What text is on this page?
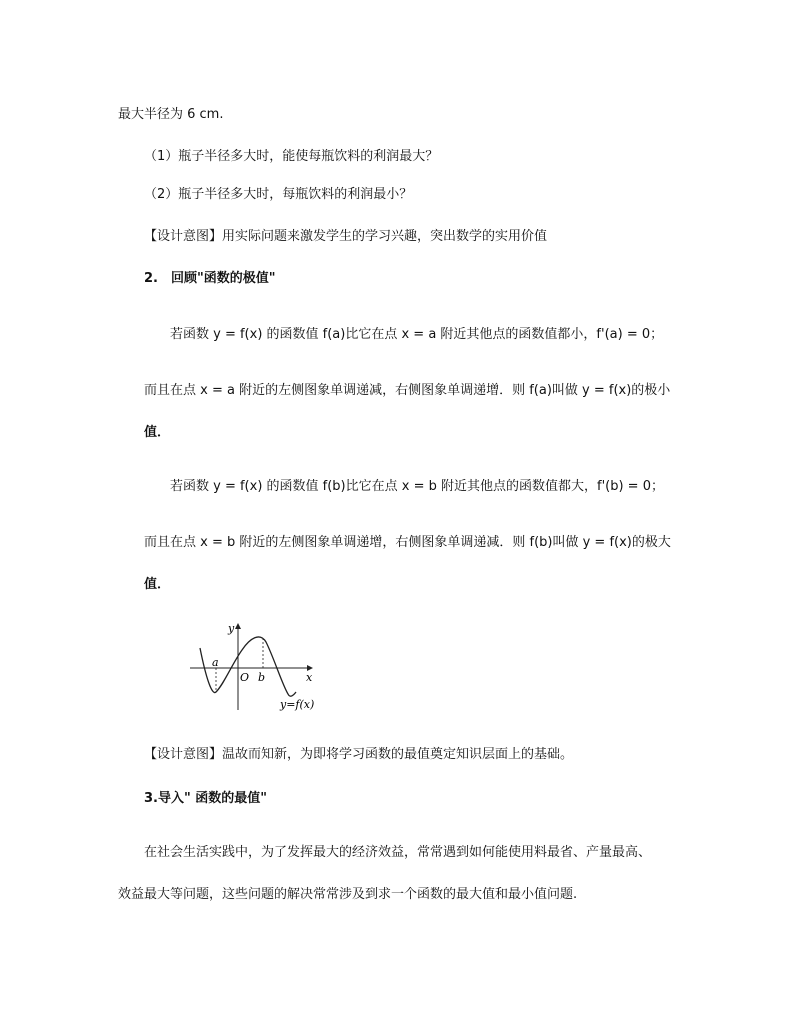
最大半径为 6 cm.
（1）瓶子半径多大时，能使每瓶饮料的利润最大？
（2）瓶子半径多大时，每瓶饮料的利润最小？
【设计意图】用实际问题来激发学生的学习兴趣，突出数学的实用价值
2.　回顾"函数的极值"
若函数 y = f(x) 的函数值 f(a)比它在点 x = a 附近其他点的函数值都小，f'(a) = 0；
而且在点 x = a 附近的左侧图象单调递减，右侧图象单调递增．则 f(a)叫做 y = f(x)的极小
值．
若函数 y = f(x) 的函数值 f(b)比它在点 x = b 附近其他点的函数值都大，f'(b) = 0；
而且在点 x = b 附近的左侧图象单调递增，右侧图象单调递减．则 f(b)叫做 y = f(x)的极大
值．
y
x
O
a
b
y=f(x)
【设计意图】温故而知新，为即将学习函数的最值奠定知识层面上的基础。
3.导入" 函数的最值"
在社会生活实践中，为了发挥最大的经济效益，常常遇到如何能使用料最省、产量最高、
效益最大等问题，这些问题的解决常常涉及到求一个函数的最大值和最小值问题.
